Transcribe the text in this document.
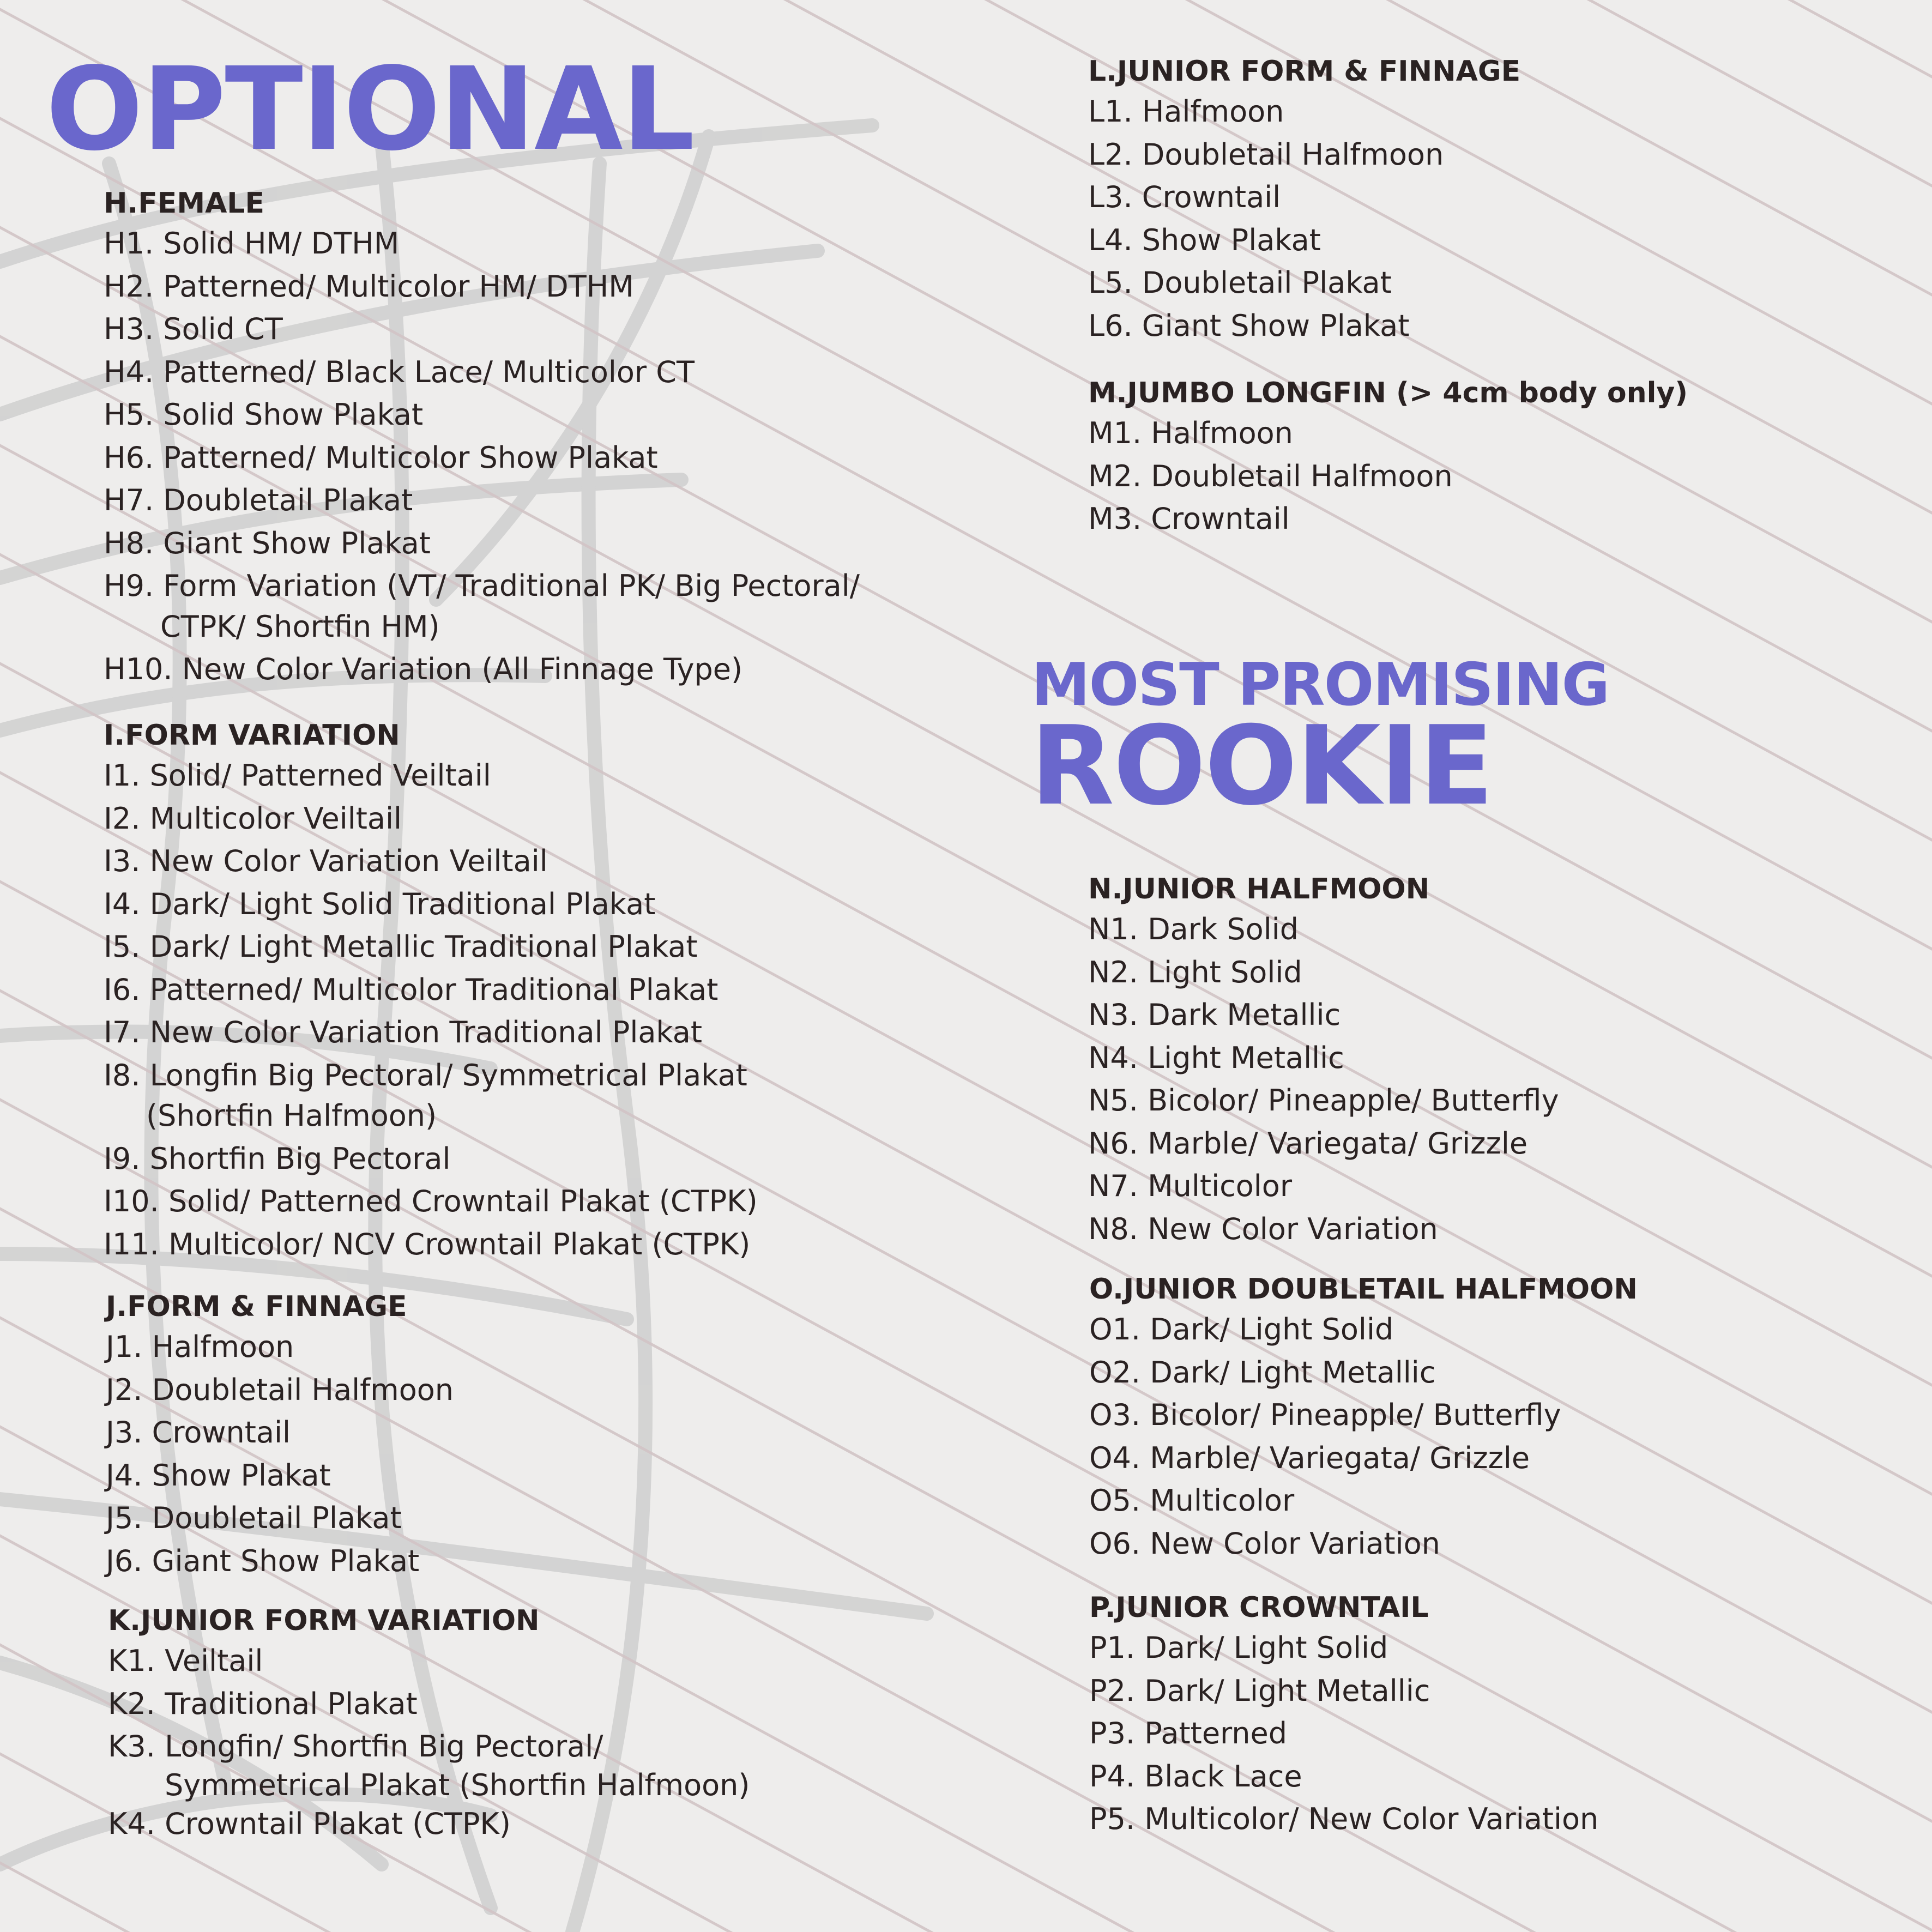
OPTIONAL
MOST PROMISING
ROOKIE
H.FEMALE
H1. Solid HM/ DTHM
H2. Patterned/ Multicolor HM/ DTHM
H3. Solid CT
H4. Patterned/ Black Lace/ Multicolor CT
H5. Solid Show Plakat
H6. Patterned/ Multicolor Show Plakat
H7. Doubletail Plakat
H8. Giant Show Plakat
H9. Form Variation (VT/ Traditional PK/ Big Pectoral/
CTPK/ Shortfin HM)
H10. New Color Variation (All Finnage Type)
I.FORM VARIATION
I1. Solid/ Patterned Veiltail
I2. Multicolor Veiltail
I3. New Color Variation Veiltail
I4. Dark/ Light Solid Traditional Plakat
I5. Dark/ Light Metallic Traditional Plakat
I6. Patterned/ Multicolor Traditional Plakat
I7. New Color Variation Traditional Plakat
I8. Longfin Big Pectoral/ Symmetrical Plakat
(Shortfin Halfmoon)
I9. Shortfin Big Pectoral
I10. Solid/ Patterned Crowntail Plakat (CTPK)
I11. Multicolor/ NCV Crowntail Plakat (CTPK)
J.FORM & FINNAGE
J1. Halfmoon
J2. Doubletail Halfmoon
J3. Crowntail
J4. Show Plakat
J5. Doubletail Plakat
J6. Giant Show Plakat
K.JUNIOR FORM VARIATION
K1. Veiltail
K2. Traditional Plakat
K3. Longfin/ Shortfin Big Pectoral/
Symmetrical Plakat (Shortfin Halfmoon)
K4. Crowntail Plakat (CTPK)
L.JUNIOR FORM & FINNAGE
L1. Halfmoon
L2. Doubletail Halfmoon
L3. Crowntail
L4. Show Plakat
L5. Doubletail Plakat
L6. Giant Show Plakat
M.JUMBO LONGFIN (> 4cm body only)
M1. Halfmoon
M2. Doubletail Halfmoon
M3. Crowntail
N.JUNIOR HALFMOON
N1. Dark Solid
N2. Light Solid
N3. Dark Metallic
N4. Light Metallic
N5. Bicolor/ Pineapple/ Butterfly
N6. Marble/ Variegata/ Grizzle
N7. Multicolor
N8. New Color Variation
O.JUNIOR DOUBLETAIL HALFMOON
O1. Dark/ Light Solid
O2. Dark/ Light Metallic
O3. Bicolor/ Pineapple/ Butterfly
O4. Marble/ Variegata/ Grizzle
O5. Multicolor
O6. New Color Variation
P.JUNIOR CROWNTAIL
P1. Dark/ Light Solid
P2. Dark/ Light Metallic
P3. Patterned
P4. Black Lace
P5. Multicolor/ New Color Variation
